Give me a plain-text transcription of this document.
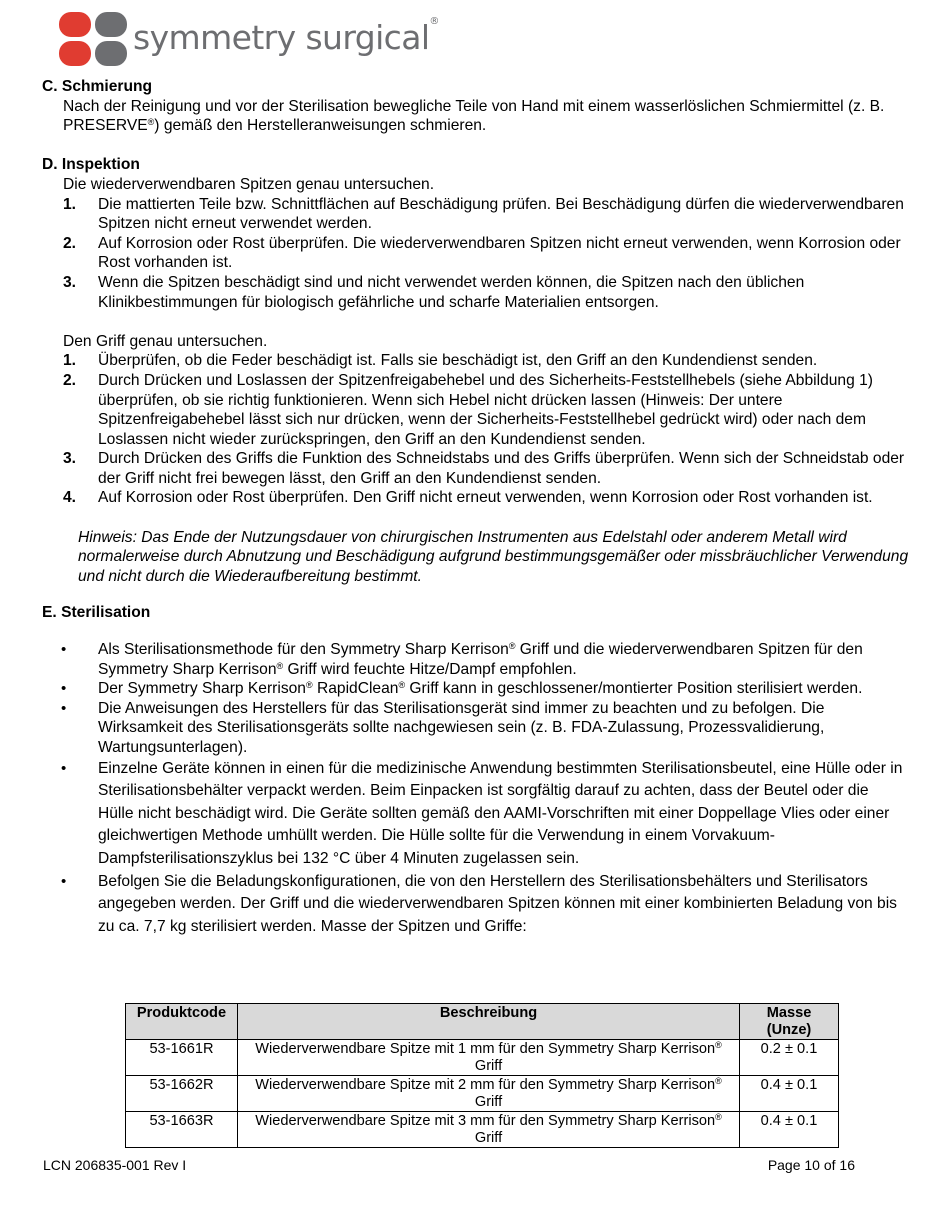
symmetry surgical®
C. Schmierung
Nach der Reinigung und vor der Sterilisation bewegliche Teile von Hand mit einem wasserlöslichen Schmiermittel (z. B. PRESERVE®) gemäß den Herstelleranweisungen schmieren.
D. Inspektion
Die wiederverwendbaren Spitzen genau untersuchen.
1. Die mattierten Teile bzw. Schnittflächen auf Beschädigung prüfen. Bei Beschädigung dürfen die wiederverwendbaren Spitzen nicht erneut verwendet werden.
2. Auf Korrosion oder Rost überprüfen. Die wiederverwendbaren Spitzen nicht erneut verwenden, wenn Korrosion oder Rost vorhanden ist.
3. Wenn die Spitzen beschädigt sind und nicht verwendet werden können, die Spitzen nach den üblichen Klinikbestimmungen für biologisch gefährliche und scharfe Materialien entsorgen.
Den Griff genau untersuchen.
1. Überprüfen, ob die Feder beschädigt ist. Falls sie beschädigt ist, den Griff an den Kundendienst senden.
2. Durch Drücken und Loslassen der Spitzenfreigabehebel und des Sicherheits-Feststellhebels (siehe Abbildung 1) überprüfen, ob sie richtig funktionieren. Wenn sich Hebel nicht drücken lassen (Hinweis: Der untere Spitzenfreigabehebel lässt sich nur drücken, wenn der Sicherheits-Feststellhebel gedrückt wird) oder nach dem Loslassen nicht wieder zurückspringen, den Griff an den Kundendienst senden.
3. Durch Drücken des Griffs die Funktion des Schneidstabs und des Griffs überprüfen. Wenn sich der Schneidstab oder der Griff nicht frei bewegen lässt, den Griff an den Kundendienst senden.
4. Auf Korrosion oder Rost überprüfen. Den Griff nicht erneut verwenden, wenn Korrosion oder Rost vorhanden ist.
Hinweis: Das Ende der Nutzungsdauer von chirurgischen Instrumenten aus Edelstahl oder anderem Metall wird normalerweise durch Abnutzung und Beschädigung aufgrund bestimmungsgemäßer oder missbräuchlicher Verwendung und nicht durch die Wiederaufbereitung bestimmt.
E. Sterilisation
• Als Sterilisationsmethode für den Symmetry Sharp Kerrison® Griff und die wiederverwendbaren Spitzen für den Symmetry Sharp Kerrison® Griff wird feuchte Hitze/Dampf empfohlen.
• Der Symmetry Sharp Kerrison® RapidClean® Griff kann in geschlossener/montierter Position sterilisiert werden.
• Die Anweisungen des Herstellers für das Sterilisationsgerät sind immer zu beachten und zu befolgen. Die Wirksamkeit des Sterilisationsgeräts sollte nachgewiesen sein (z. B. FDA-Zulassung, Prozessvalidierung, Wartungsunterlagen).
• Einzelne Geräte können in einen für die medizinische Anwendung bestimmten Sterilisationsbeutel, eine Hülle oder in Sterilisationsbehälter verpackt werden. Beim Einpacken ist sorgfältig darauf zu achten, dass der Beutel oder die Hülle nicht beschädigt wird. Die Geräte sollten gemäß den AAMI-Vorschriften mit einer Doppellage Vlies oder einer gleichwertigen Methode umhüllt werden. Die Hülle sollte für die Verwendung in einem Vorvakuum-Dampfsterilisationszyklus bei 132 °C über 4 Minuten zugelassen sein.
• Befolgen Sie die Beladungskonfigurationen, die von den Herstellern des Sterilisationsbehälters und Sterilisators angegeben werden. Der Griff und die wiederverwendbaren Spitzen können mit einer kombinierten Beladung von bis zu ca. 7,7 kg sterilisiert werden. Masse der Spitzen und Griffe:
Produktcode	Beschreibung	Masse (Unze)
53-1661R	Wiederverwendbare Spitze mit 1 mm für den Symmetry Sharp Kerrison® Griff	0.2 ± 0.1
53-1662R	Wiederverwendbare Spitze mit 2 mm für den Symmetry Sharp Kerrison® Griff	0.4 ± 0.1
53-1663R	Wiederverwendbare Spitze mit 3 mm für den Symmetry Sharp Kerrison® Griff	0.4 ± 0.1
LCN 206835-001 Rev I	Page 10 of 16
